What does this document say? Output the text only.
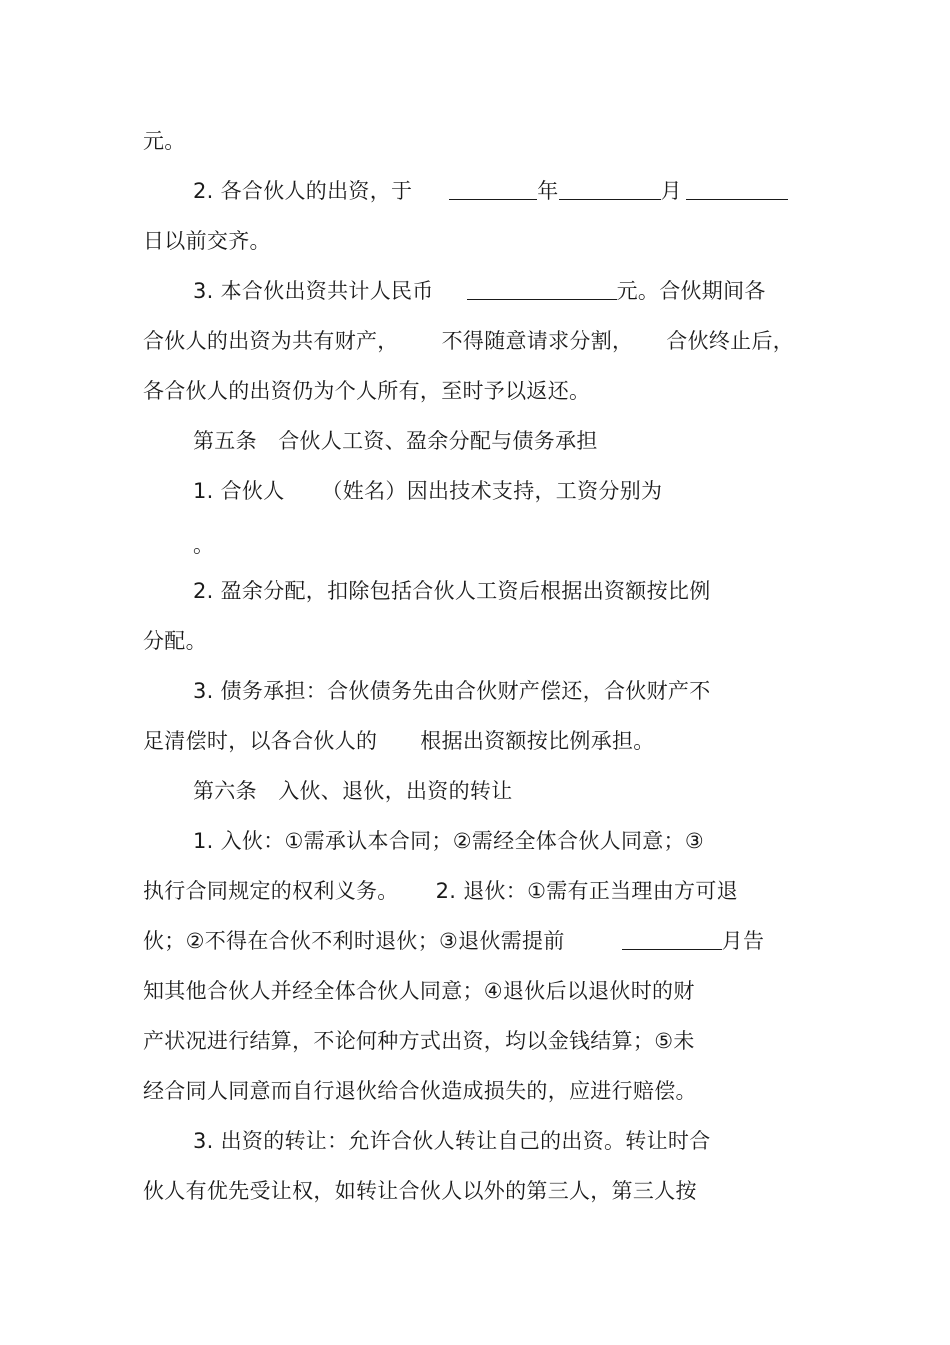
元。
2. 各合伙人的出资，于	年	月
日以前交齐。
3. 本合伙出资共计人民币	元。合伙期间各
合伙人的出资为共有财产， 不得随意请求分割， 合伙终止后，
各合伙人的出资仍为个人所有，至时予以返还。
第五条　合伙人工资、盈余分配与债务承担
1. 合伙人 （姓名）因出技术支持，工资分别为
。
2. 盈余分配，扣除包括合伙人工资后根据出资额按比例
分配。
3. 债务承担：合伙债务先由合伙财产偿还，合伙财产不
足清偿时，以各合伙人的 根据出资额按比例承担。
第六条　入伙、退伙，出资的转让
1. 入伙：①需承认本合同；②需经全体合伙人同意；③
执行合同规定的权利义务。 2. 退伙：①需有正当理由方可退
伙；②不得在合伙不利时退伙；③退伙需提前	月告
知其他合伙人并经全体合伙人同意；④退伙后以退伙时的财
产状况进行结算，不论何种方式出资，均以金钱结算；⑤未
经合同人同意而自行退伙给合伙造成损失的，应进行赔偿。
3. 出资的转让：允许合伙人转让自己的出资。转让时合
伙人有优先受让权，如转让合伙人以外的第三人，第三人按
